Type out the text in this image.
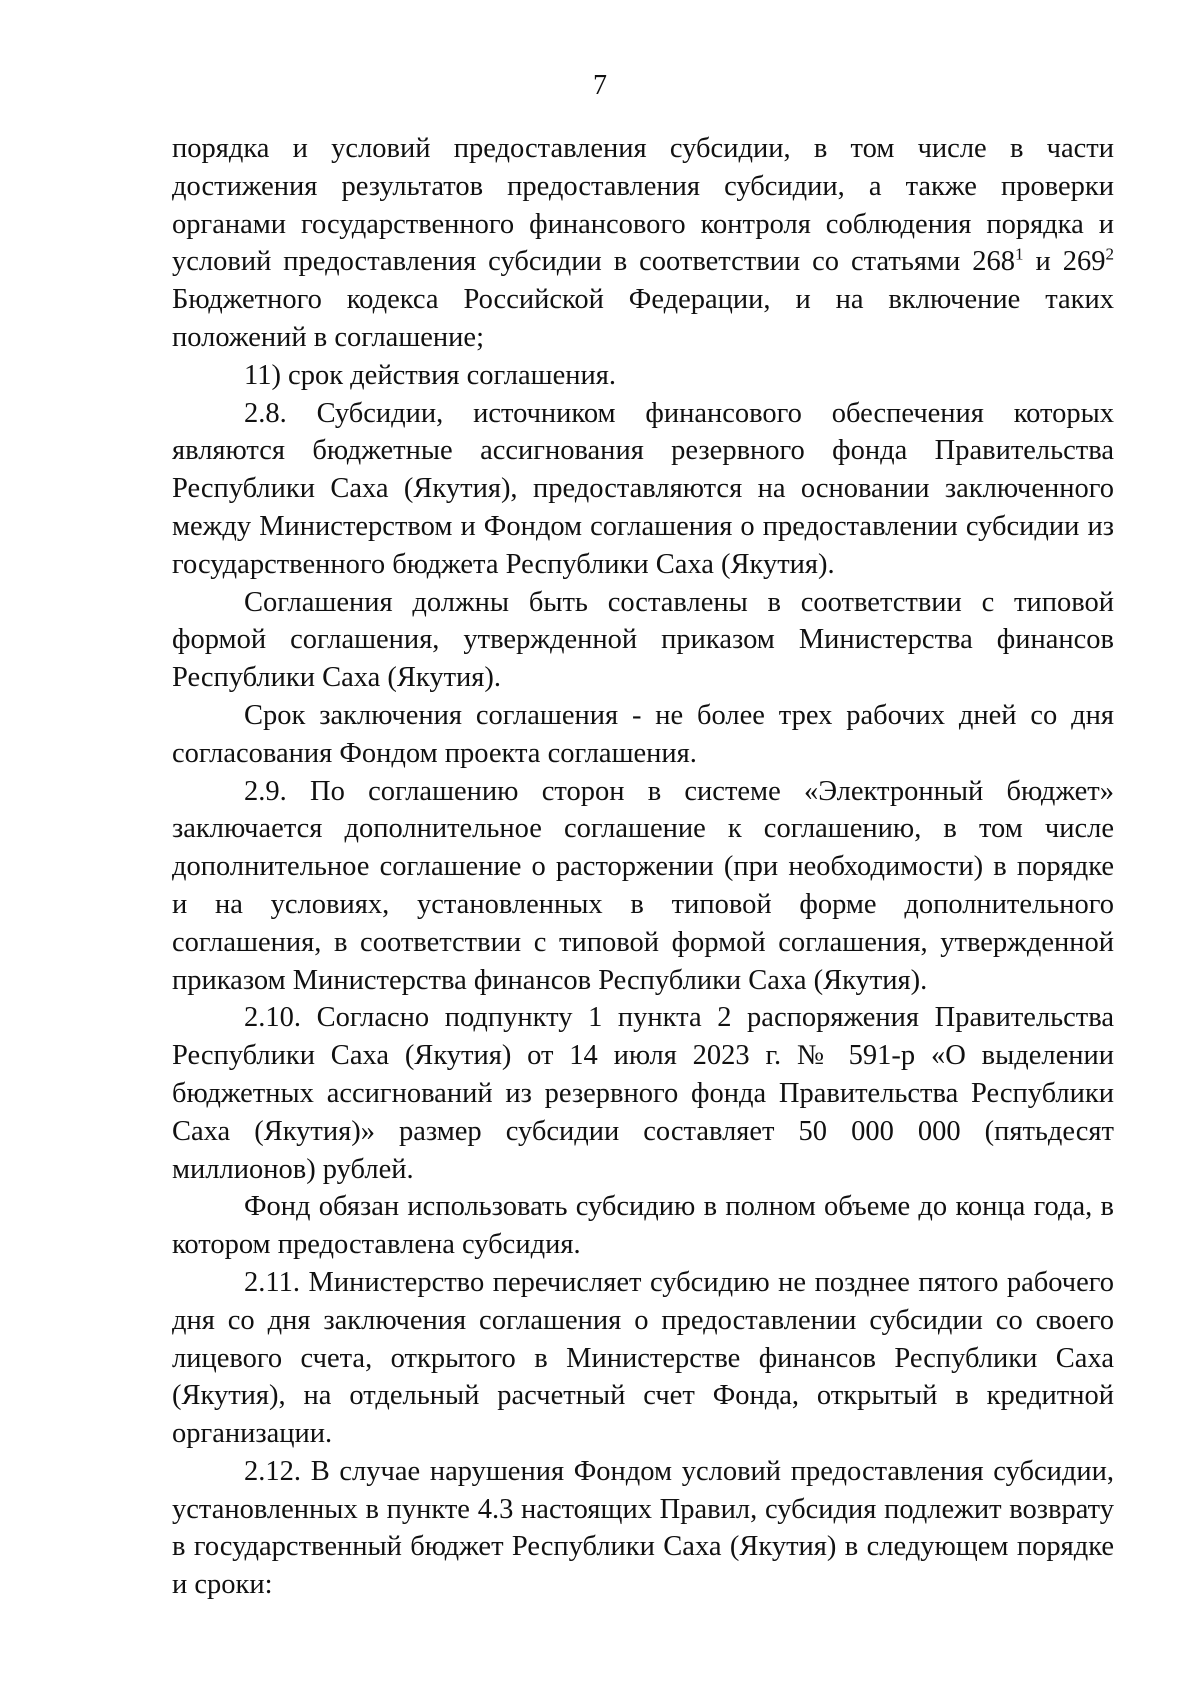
7

порядка и условий предоставления субсидии, в том числе в части достижения результатов предоставления субсидии, а также проверки органами государственного финансового контроля соблюдения порядка и условий предоставления субсидии в соответствии со статьями $268^1$ и $269^2$ Бюджетного кодекса Российской Федерации, и на включение таких положений в соглашение;

11) срок действия соглашения.

2.8. Субсидии, источником финансового обеспечения которых являются бюджетные ассигнования резервного фонда Правительства Республики Саха (Якутия), предоставляются на основании заключенного между Министерством и Фондом соглашения о предоставлении субсидии из государственного бюджета Республики Саха (Якутия).

Соглашения должны быть составлены в соответствии с типовой формой соглашения, утвержденной приказом Министерства финансов Республики Саха (Якутия).

Срок заключения соглашения - не более трех рабочих дней со дня согласования Фондом проекта соглашения.

2.9. По соглашению сторон в системе «Электронный бюджет» заключается дополнительное соглашение к соглашению, в том числе дополнительное соглашение о расторжении (при необходимости) в порядке и на условиях, установленных в типовой форме дополнительного соглашения, в соответствии с типовой формой соглашения, утвержденной приказом Министерства финансов Республики Саха (Якутия).

2.10. Согласно подпункту 1 пункта 2 распоряжения Правительства Республики Саха (Якутия) от 14 июля 2023 г. № 591-р «О выделении бюджетных ассигнований из резервного фонда Правительства Республики Саха (Якутия)» размер субсидии составляет 50 000 000 (пятьдесят миллионов) рублей.

Фонд обязан использовать субсидию в полном объеме до конца года, в котором предоставлена субсидия.

2.11. Министерство перечисляет субсидию не позднее пятого рабочего дня со дня заключения соглашения о предоставлении субсидии со своего лицевого счета, открытого в Министерстве финансов Республики Саха (Якутия), на отдельный расчетный счет Фонда, открытый в кредитной организации.

2.12. В случае нарушения Фондом условий предоставления субсидии, установленных в пункте 4.3 настоящих Правил, субсидия подлежит возврату в государственный бюджет Республики Саха (Якутия) в следующем порядке и сроки:
